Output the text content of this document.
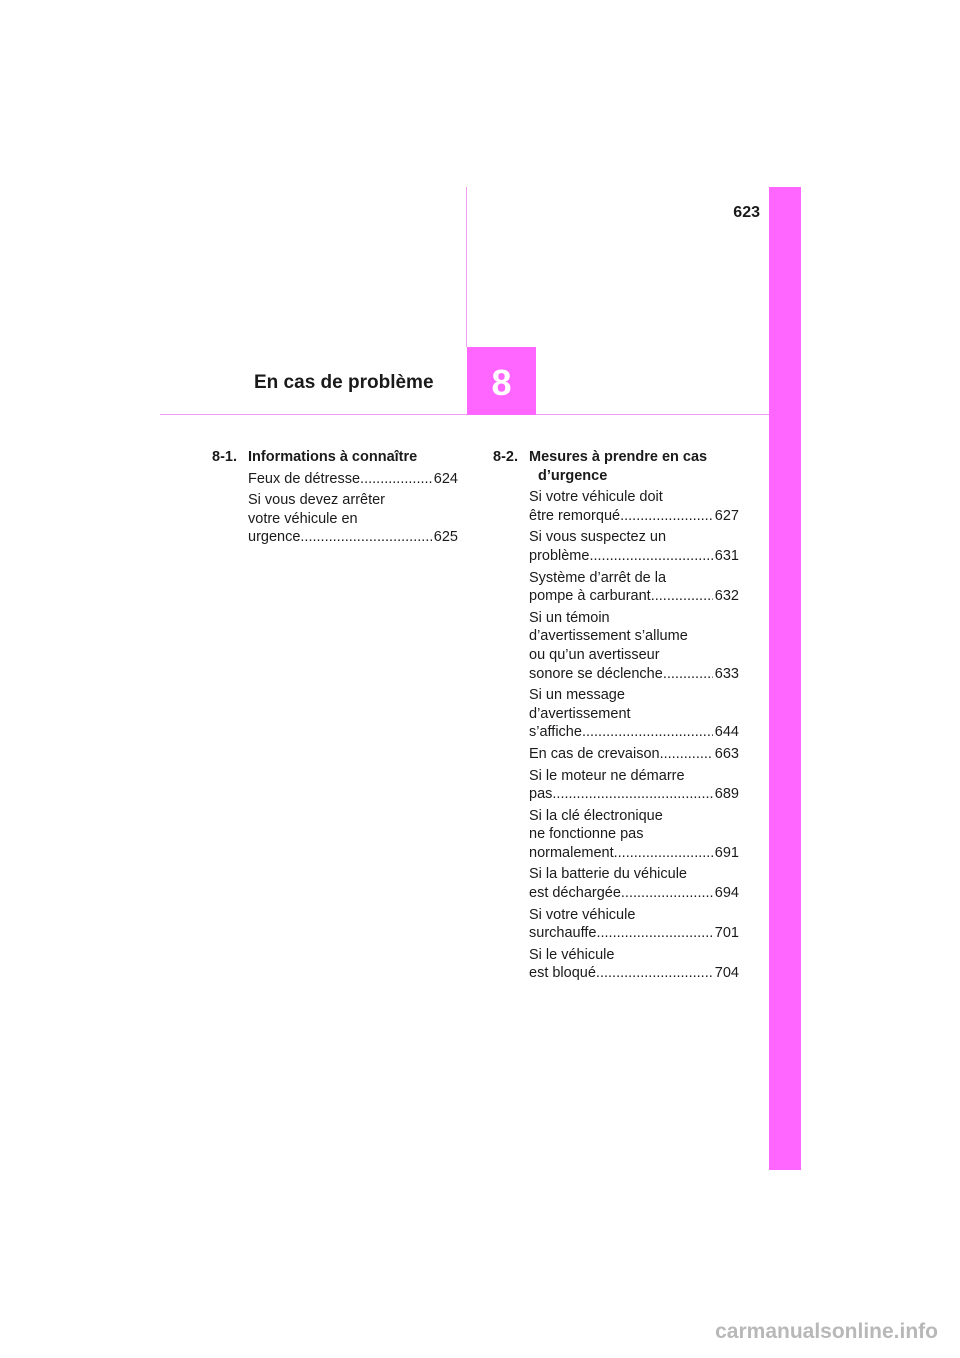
623
8
En cas de problème
8-1. Informations à connaître
Feux de détresse .....	624
Si vous devez arrêter
votre véhicule en
urgence .....	625
8-2. Mesures à prendre en cas d’urgence
Si votre véhicule doit
être remorqué .....	627
Si vous suspectez un
problème .....	631
Système d’arrêt de la
pompe à carburant .....	632
Si un témoin
d’avertissement s’allume
ou qu’un avertisseur
sonore se déclenche .....	633
Si un message
d’avertissement
s’affiche .....	644
En cas de crevaison .....	663
Si le moteur ne démarre
pas .....	689
Si la clé électronique
ne fonctionne pas
normalement .....	691
Si la batterie du véhicule
est déchargée .....	694
Si votre véhicule
surchauffe .....	701
Si le véhicule
est bloqué .....	704
carmanualsonline.info
